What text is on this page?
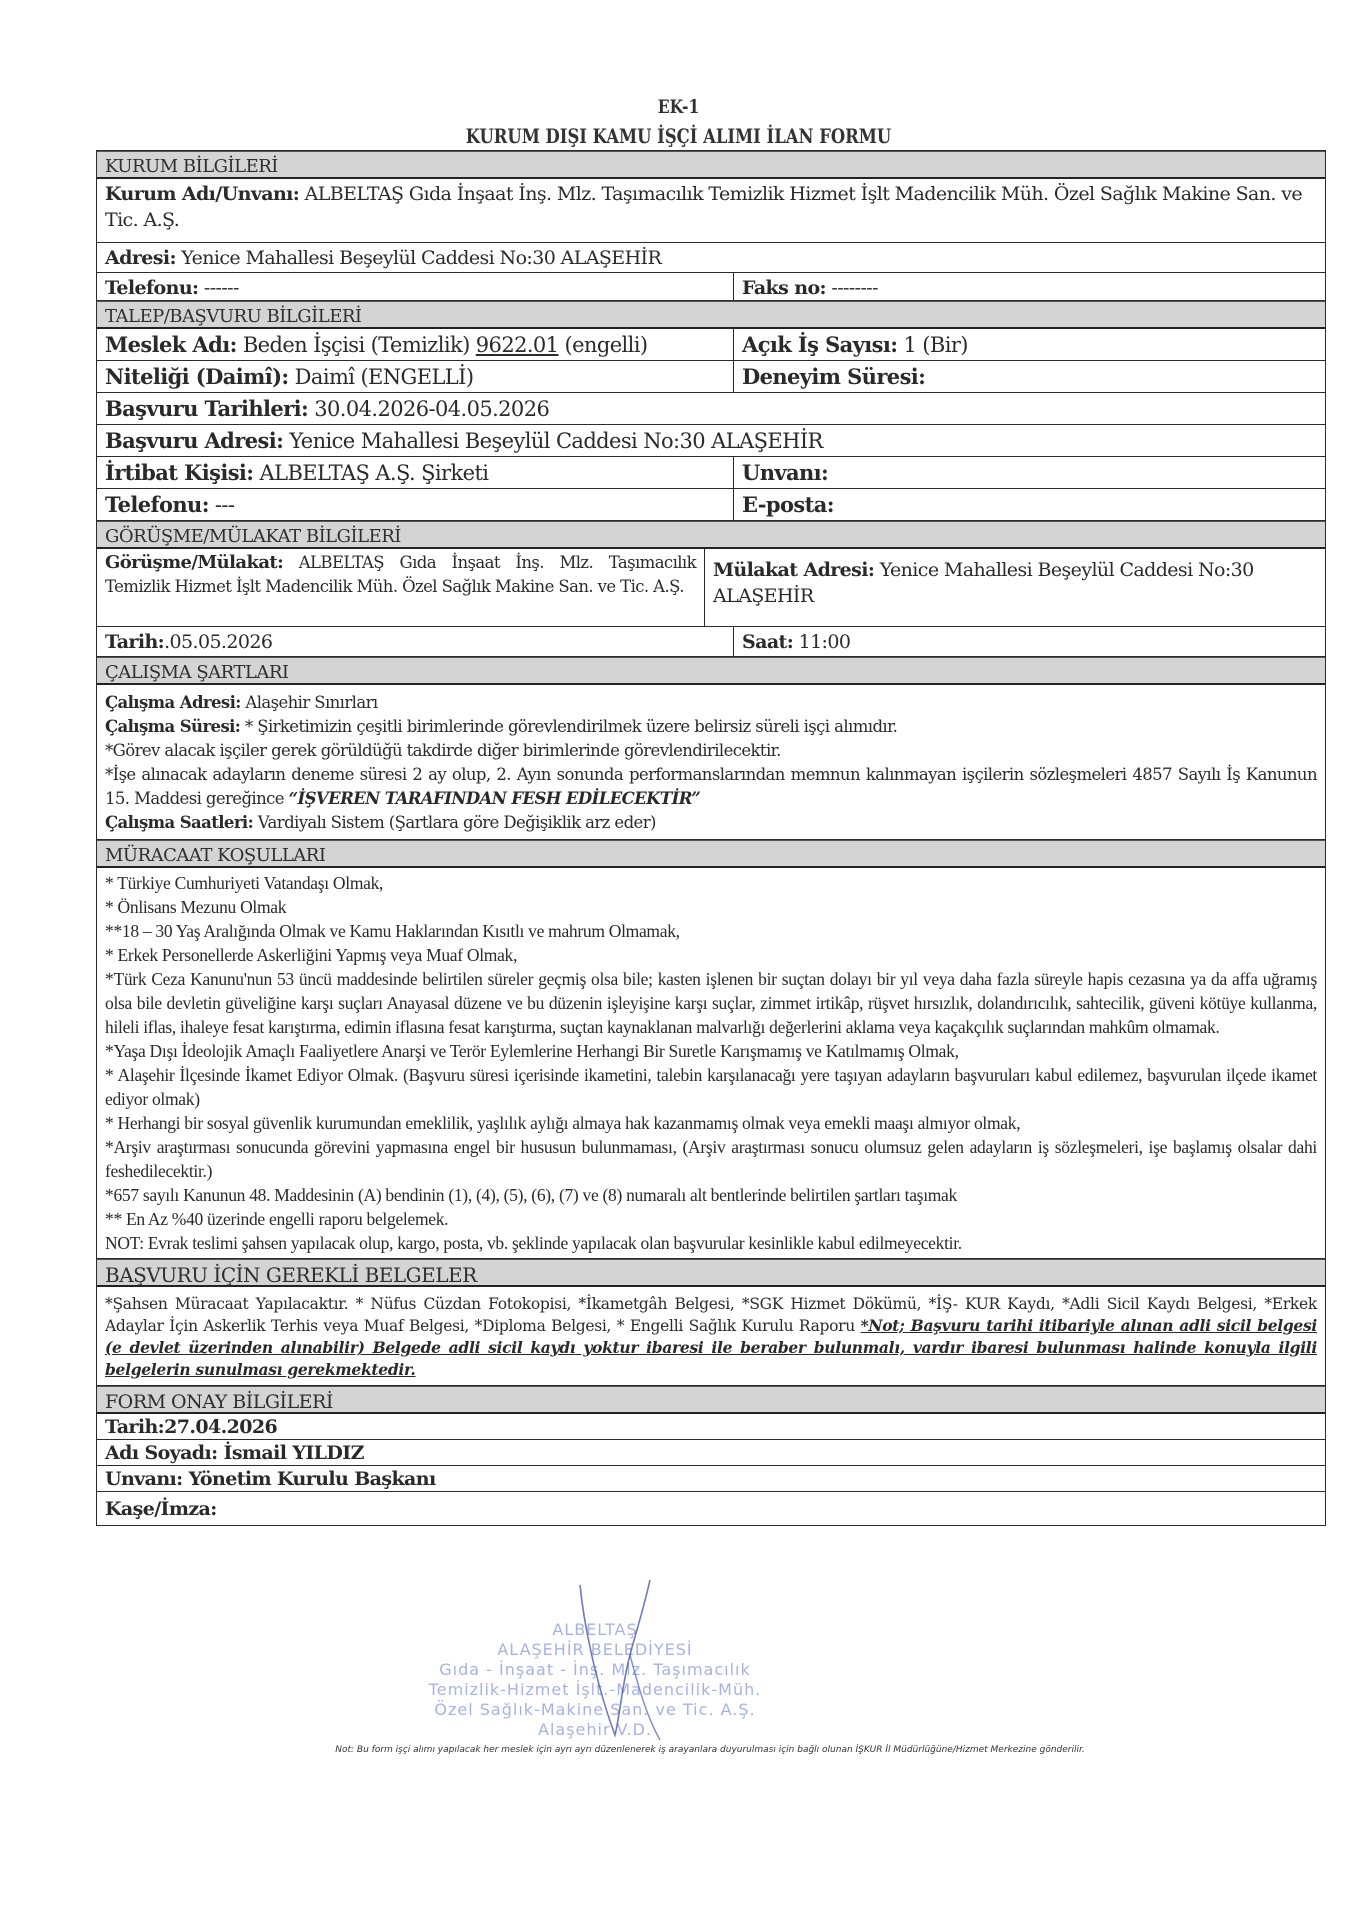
EK-1
KURUM DIŞI KAMU İŞÇİ ALIMI İLAN FORMU
KURUM BİLGİLERİ
Kurum Adı/Unvanı: ALBELTAŞ Gıda İnşaat İnş. Mlz. Taşımacılık Temizlik Hizmet İşlt Madencilik Müh. Özel Sağlık Makine San. ve Tic. A.Ş.
Adresi: Yenice Mahallesi Beşeylül Caddesi No:30 ALAŞEHİR
Telefonu: ------	Faks no: --------
TALEP/BAŞVURU BİLGİLERİ
Meslek Adı: Beden İşçisi (Temizlik) 9622.01 (engelli)	Açık İş Sayısı: 1 (Bir)
Niteliği (Daimî): Daimî (ENGELLİ)	Deneyim Süresi:
Başvuru Tarihleri: 30.04.2026-04.05.2026
Başvuru Adresi: Yenice Mahallesi Beşeylül Caddesi No:30 ALAŞEHİR
İrtibat Kişisi: ALBELTAŞ A.Ş. Şirketi	Unvanı:
Telefonu: ---	E-posta:
GÖRÜŞME/MÜLAKAT BİLGİLERİ
Görüşme/Mülakat: ALBELTAŞ Gıda İnşaat İnş. Mlz. Taşımacılık Temizlik Hizmet İşlt Madencilik Müh. Özel Sağlık Makine San. ve Tic. A.Ş.
Mülakat Adresi: Yenice Mahallesi Beşeylül Caddesi No:30 ALAŞEHİR
Tarih:.05.05.2026	Saat: 11:00
ÇALIŞMA ŞARTLARI

Çalışma Adresi: Alaşehir Sınırları

Çalışma Süresi: * Şirketimizin çeşitli birimlerinde görevlendirilmek üzere belirsiz süreli işçi alımıdır.

*Görev alacak işçiler gerek görüldüğü takdirde diğer birimlerinde görevlendirilecektir.

*İşe alınacak adayların deneme süresi 2 ay olup, 2. Ayın sonunda performanslarından memnun kalınmayan işçilerin sözleşmeleri 4857 Sayılı İş Kanunun 15. Maddesi gereğince “İŞVEREN TARAFINDAN FESH EDİLECEKTİR”

Çalışma Saatleri: Vardiyalı Sistem (Şartlara göre Değişiklik arz eder)

MÜRACAAT KOŞULLARI

* Türkiye Cumhuriyeti Vatandaşı Olmak,

* Önlisans Mezunu Olmak

**18 – 30 Yaş Aralığında Olmak ve Kamu Haklarından Kısıtlı ve mahrum Olmamak,

* Erkek Personellerde Askerliğini Yapmış veya Muaf Olmak,

*Türk Ceza Kanunu'nun 53 üncü maddesinde belirtilen süreler geçmiş olsa bile; kasten işlenen bir suçtan dolayı bir yıl veya daha fazla süreyle hapis cezasına ya da affa uğramış olsa bile devletin güveliğine karşı suçları Anayasal düzene ve bu düzenin işleyişine karşı suçlar, zimmet irtikâp, rüşvet hırsızlık, dolandırıcılık, sahtecilik, güveni kötüye kullanma, hileli iflas, ihaleye fesat karıştırma, edimin iflasına fesat karıştırma, suçtan kaynaklanan malvarlığı değerlerini aklama veya kaçakçılık suçlarından mahkûm olmamak.

*Yaşa Dışı İdeolojik Amaçlı Faaliyetlere Anarşi ve Terör Eylemlerine Herhangi Bir Suretle Karışmamış ve Katılmamış Olmak,

* Alaşehir İlçesinde İkamet Ediyor Olmak. (Başvuru süresi içerisinde ikametini, talebin karşılanacağı yere taşıyan adayların başvuruları kabul edilemez, başvurulan ilçede ikamet ediyor olmak)

* Herhangi bir sosyal güvenlik kurumundan emeklilik, yaşlılık aylığı almaya hak kazanmamış olmak veya emekli maaşı almıyor olmak,

*Arşiv araştırması sonucunda görevini yapmasına engel bir hususun bulunmaması, (Arşiv araştırması sonucu olumsuz gelen adayların iş sözleşmeleri, işe başlamış olsalar dahi feshedilecektir.)

*657 sayılı Kanunun 48. Maddesinin (A) bendinin (1), (4), (5), (6), (7) ve (8) numaralı alt bentlerinde belirtilen şartları taşımak

** En Az %40 üzerinde engelli raporu belgelemek.

NOT: Evrak teslimi şahsen yapılacak olup, kargo, posta, vb. şeklinde yapılacak olan başvurular kesinlikle kabul edilmeyecektir.

BAŞVURU İÇİN GEREKLİ BELGELER
*Şahsen Müracaat Yapılacaktır. * Nüfus Cüzdan Fotokopisi, *İkametgâh Belgesi, *SGK Hizmet Dökümü, *İŞ- KUR Kaydı, *Adli Sicil Kaydı Belgesi, *Erkek Adaylar İçin Askerlik Terhis veya Muaf Belgesi, *Diploma Belgesi, * Engelli Sağlık Kurulu Raporu *Not; Başvuru tarihi itibariyle alınan adli sicil belgesi (e devlet üzerinden alınabilir) Belgede adli sicil kaydı yoktur ibaresi ile beraber bulunmalı, vardır ibaresi bulunması halinde konuyla ilgili belgelerin sunulması gerekmektedir.
FORM ONAY BİLGİLERİ
Tarih:27.04.2026
Adı Soyadı: İsmail YILDIZ
Unvanı: Yönetim Kurulu Başkanı
Kaşe/İmza:
ALBELTAŞ
ALAŞEHİR BELEDİYESİ
Gıda - İnşaat - İnş. Mlz. Taşımacılık
Temizlik-Hizmet İşlt.-Madencilik-Müh.
Özel Sağlık-Makine San. ve Tic. A.Ş.
Alaşehir V.D.
Not: Bu form işçi alımı yapılacak her meslek için ayrı ayrı düzenlenerek iş arayanlara duyurulması için bağlı olunan İŞKUR İl Müdürlüğüne/Hizmet Merkezine gönderilir.
